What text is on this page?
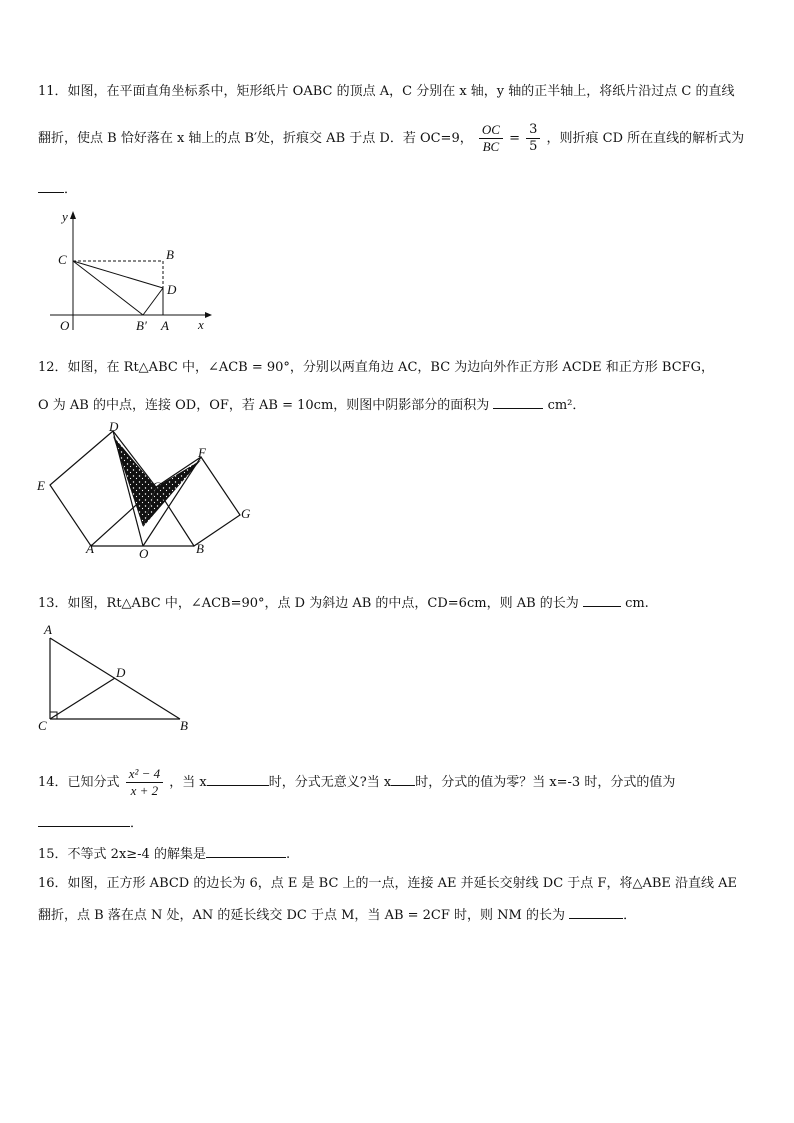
11．如图，在平面直角坐标系中，矩形纸片 OABC 的顶点 A，C 分别在 x 轴，y 轴的正半轴上，将纸片沿过点 C 的直线
翻折，使点 B 恰好落在 x 轴上的点 B′处，折痕交 AB 于点 D．若 OC=9， $\frac{OC}{BC} = \frac{3}{5}$ ，则折痕 CD 所在直线的解析式为
．
y
C	B
D
O	B′ A x
12．如图，在 Rt△ABC 中，∠ACB = 90°，分别以两直角边 AC，BC 为边向外作正方形 ACDE 和正方形 BCFG，
O 为 AB 的中点，连接 OD，OF，若 AB = 10cm，则图中阴影部分的面积为	cm²．
D
F
E	C
G
A	O	B
13．如图，Rt△ABC 中，∠ACB=90°，点 D 为斜边 AB 的中点，CD=6cm，则 AB 的长为	cm.
A
D
C	B
14．已知分式 $\frac{\text{x² − 4}}{x + 2}$ ，当 x	时，分式无意义?当 x 时，分式的值为零？当 x=-3 时，分式的值为
．
15．不等式 2x≥-4 的解集是	.
16．如图，正方形 ABCD 的边长为 6，点 E 是 BC 上的一点，连接 AE 并延长交射线 DC 于点 F，将△ABE 沿直线 AE
翻折，点 B 落在点 N 处，AN 的延长线交 DC 于点 M，当 AB = 2CF 时，则 NM 的长为	．
